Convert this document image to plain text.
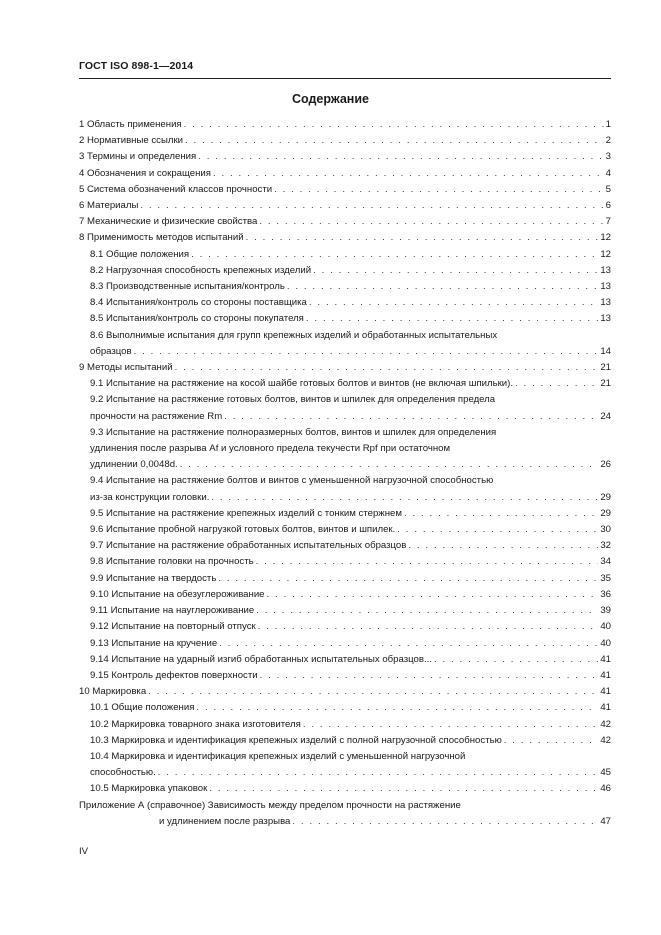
ГОСТ ISO 898-1—2014
Содержание
1 Область применения . . .	1
2 Нормативные ссылки . . .	2
3 Термины и определения . . .	3
4 Обозначения и сокращения . . .	4
5 Система обозначений классов прочности . . .	5
6 Материалы . . .	6
7 Механические и физические свойства . . .	7
8 Применимость методов испытаний . . .	12
8.1 Общие положения . . .	12
8.2 Нагрузочная способность крепежных изделий . . .	13
8.3 Производственные испытания/контроль . . .	13
8.4 Испытания/контроль со стороны поставщика . . .	13
8.5 Испытания/контроль со стороны покупателя . . .	13
8.6 Выполнимые испытания для групп крепежных изделий и обработанных испытательных
образцов . . .	14
9 Методы испытаний . . .	21
9.1 Испытание на растяжение на косой шайбе готовых болтов и винтов (не включая шпильки). . . .	21
9.2 Испытание на растяжение готовых болтов, винтов и шпилек для определения предела
прочности на растяжение Rm . . .	24
9.3 Испытание на растяжение полноразмерных болтов, винтов и шпилек для определения
удлинения после разрыва Af и условного предела текучести Rpf при остаточном
удлинении 0,0048d. . . .	26
9.4 Испытание на растяжение болтов и винтов с уменьшенной нагрузочной способностью
из-за конструкции головки. . . .	29
9.5 Испытание на растяжение крепежных изделий с тонким стержнем . . .	29
9.6 Испытание пробной нагрузкой готовых болтов, винтов и шпилек. . . .	30
9.7 Испытание на растяжение обработанных испытательных образцов . . .	32
9.8 Испытание головки на прочность . . .	34
9.9 Испытание на твердость . . .	35
9.10 Испытание на обезуглероживание . . .	36
9.11 Испытание на науглероживание . . .	39
9.12 Испытание на повторный отпуск . . .	40
9.13 Испытание на кручение . . .	40
9.14 Испытание на ударный изгиб обработанных испытательных образцов... . . .	41
9.15 Контроль дефектов поверхности . . .	41
10 Маркировка . . .	41
10.1 Общие положения . . .	41
10.2 Маркировка товарного знака изготовителя . . .	42
10.3 Маркировка и идентификация крепежных изделий с полной нагрузочной способностью . . .	42
10.4 Маркировка и идентификация крепежных изделий с уменьшенной нагрузочной
способностью. . . .	45
10.5 Маркировка упаковок . . .	46
Приложение А (справочное) Зависимость между пределом прочности на растяжение
и удлинением после разрыва . . .	47
IV
